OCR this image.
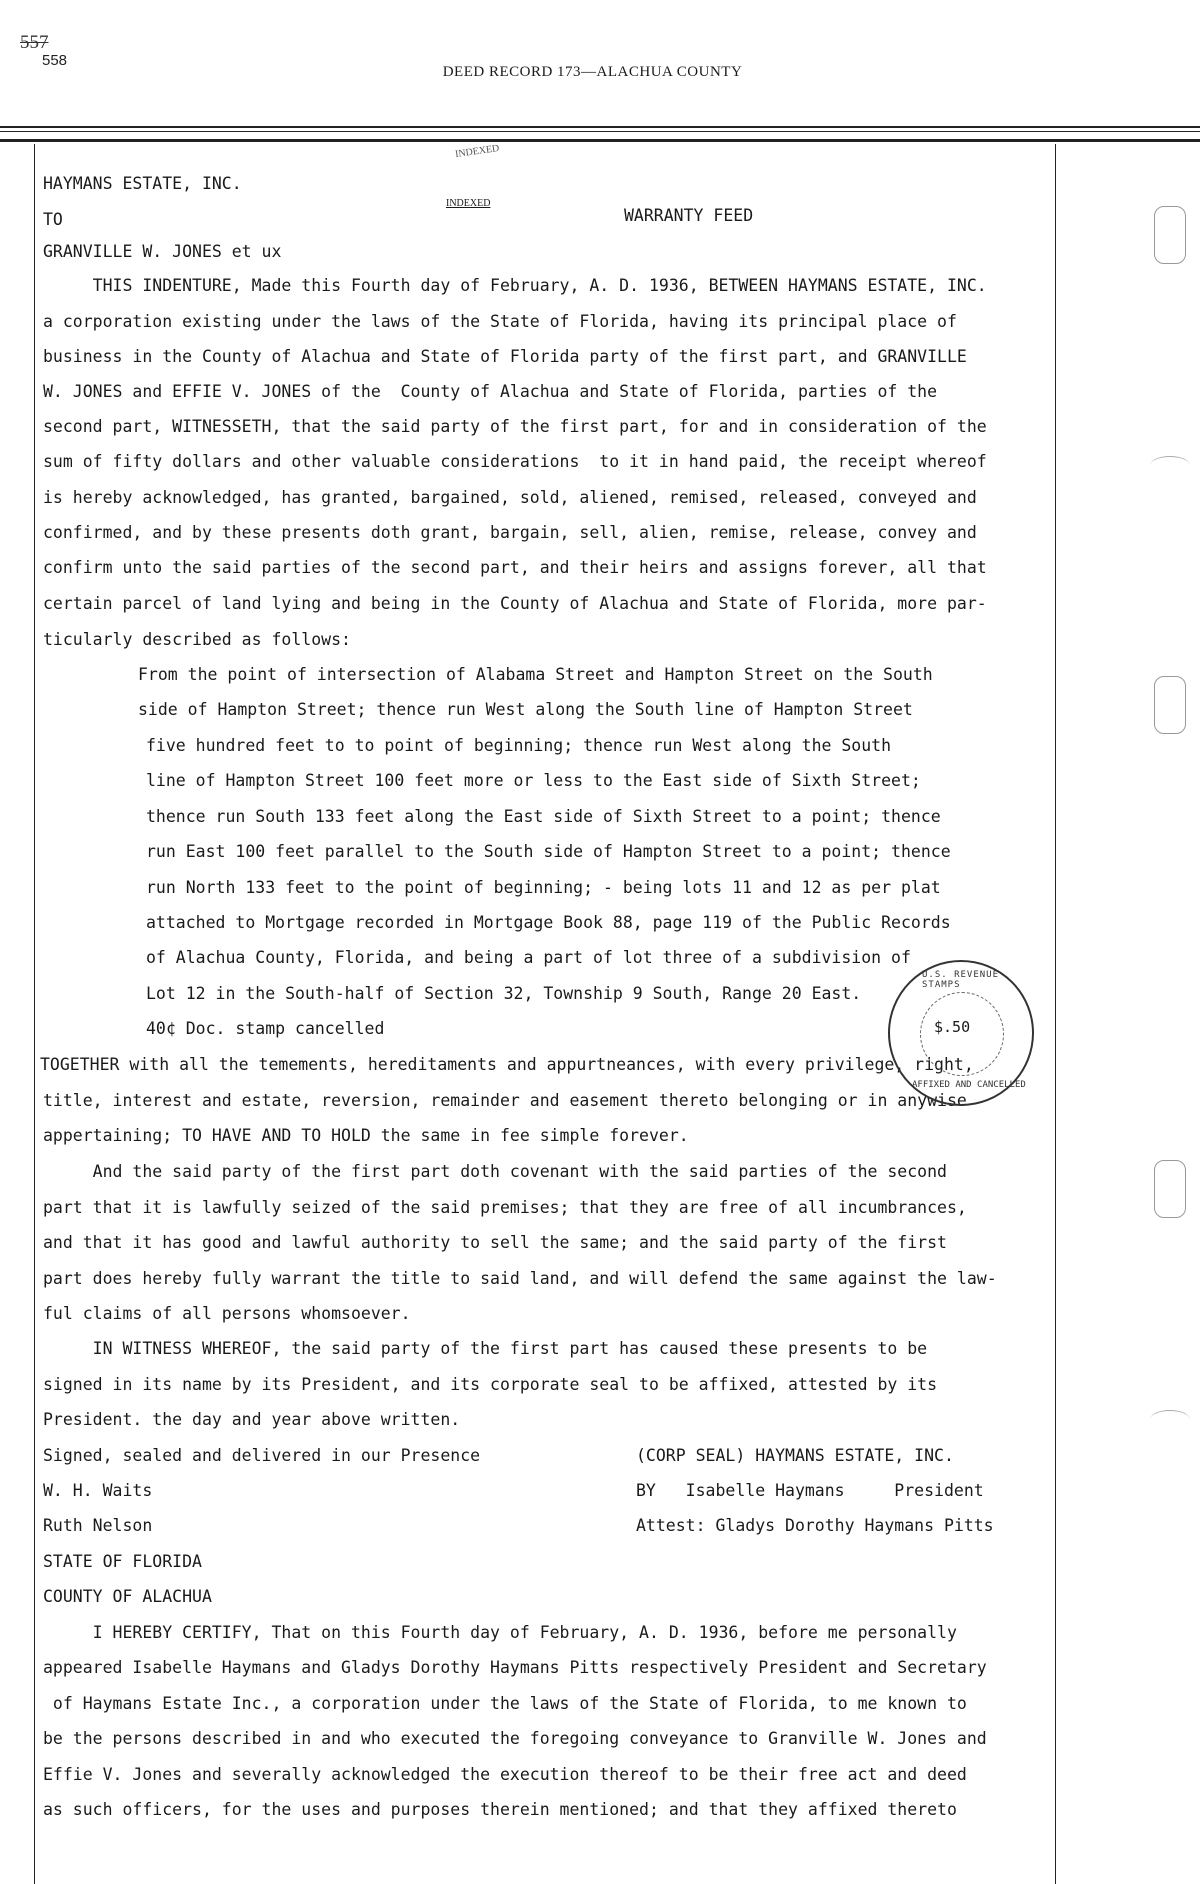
557
558
DEED RECORD 173—ALACHUA COUNTY
INDEXED
INDEXED
HAYMANS ESTATE, INC.
TO	WARRANTY FEED
GRANVILLE W. JONES et ux
THIS INDENTURE, Made this Fourth day of February, A. D. 1936, BETWEEN HAYMANS ESTATE, INC.
a corporation existing under the laws of the State of Florida, having its principal place of
business in the County of Alachua and State of Florida party of the first part, and GRANVILLE
W. JONES and EFFIE V. JONES of the  County of Alachua and State of Florida, parties of the
second part, WITNESSETH, that the said party of the first part, for and in consideration of the
sum of fifty dollars and other valuable considerations  to it in hand paid, the receipt whereof
is hereby acknowledged, has granted, bargained, sold, aliened, remised, released, conveyed and
confirmed, and by these presents doth grant, bargain, sell, alien, remise, release, convey and
confirm unto the said parties of the second part, and their heirs and assigns forever, all that
certain parcel of land lying and being in the County of Alachua and State of Florida, more par-
ticularly described as follows:
From the point of intersection of Alabama Street and Hampton Street on the South
side of Hampton Street; thence run West along the South line of Hampton Street
five hundred feet to to point of beginning; thence run West along the South
line of Hampton Street 100 feet more or less to the East side of Sixth Street;
thence run South 133 feet along the East side of Sixth Street to a point; thence
run East 100 feet parallel to the South side of Hampton Street to a point; thence
run North 133 feet to the point of beginning; - being lots 11 and 12 as per plat
attached to Mortgage recorded in Mortgage Book 88, page 119 of the Public Records
of Alachua County, Florida, and being a part of lot three of a subdivision of
Lot 12 in the South-half of Section 32, Township 9 South, Range 20 East.
40¢ Doc. stamp cancelled
TOGETHER with all the temements, hereditaments and appurtneances, with every privilege, right,
title, interest and estate, reversion, remainder and easement thereto belonging or in anywise
appertaining; TO HAVE AND TO HOLD the same in fee simple forever.
And the said party of the first part doth covenant with the said parties of the second
part that it is lawfully seized of the said premises; that they are free of all incumbrances,
and that it has good and lawful authority to sell the same; and the said party of the first
part does hereby fully warrant the title to said land, and will defend the same against the law-
ful claims of all persons whomsoever.
IN WITNESS WHEREOF, the said party of the first part has caused these presents to be
signed in its name by its President, and its corporate seal to be affixed, attested by its
President. the day and year above written.
Signed, sealed and delivered in our Presence	(CORP SEAL) HAYMANS ESTATE, INC.
W. H. Waits	BY   Isabelle Haymans     President
Ruth Nelson	Attest: Gladys Dorothy Haymans Pitts
STATE OF FLORIDA
COUNTY OF ALACHUA
I HEREBY CERTIFY, That on this Fourth day of February, A. D. 1936, before me personally
appeared Isabelle Haymans and Gladys Dorothy Haymans Pitts respectively President and Secretary
of Haymans Estate Inc., a corporation under the laws of the State of Florida, to me known to
be the persons described in and who executed the foregoing conveyance to Granville W. Jones and
Effie V. Jones and severally acknowledged the execution thereof to be their free act and deed
as such officers, for the uses and purposes therein mentioned; and that they affixed thereto
U.S. REVENUE STAMPS
AFFIXED AND CANCELLED
$.50
